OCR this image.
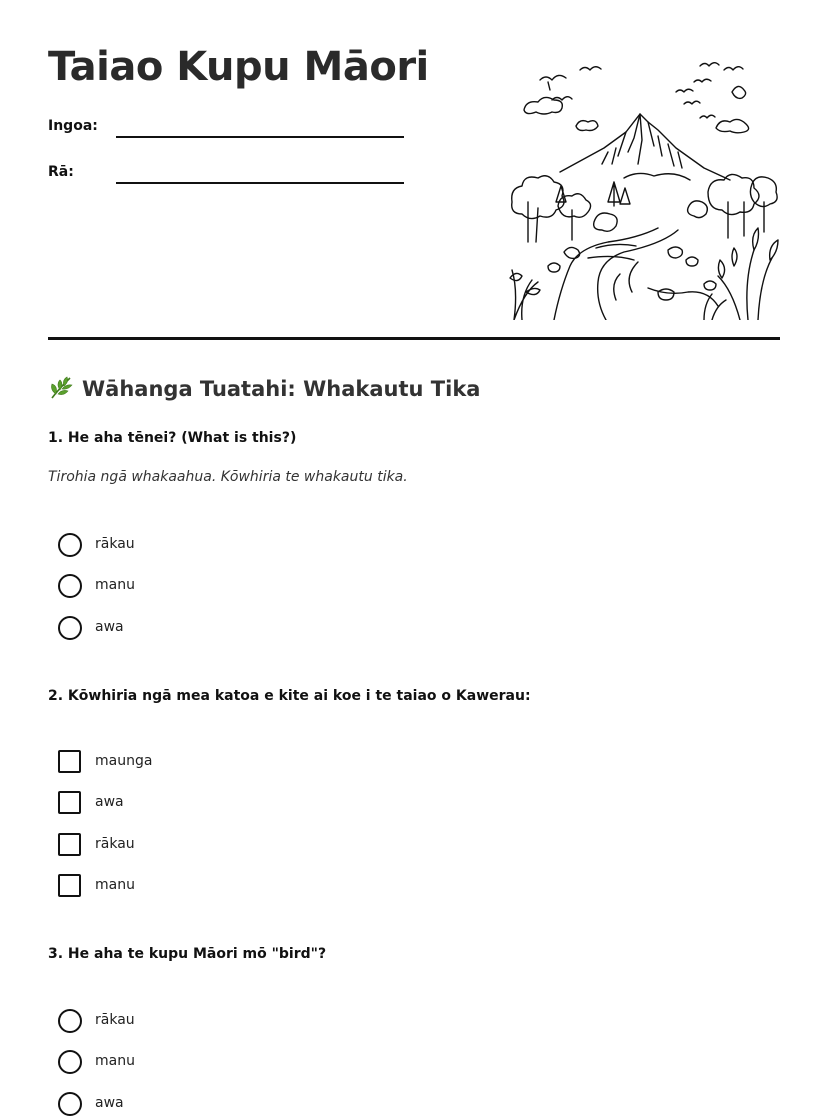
Taiao Kupu Māori
Ingoa:
Rā:
Wāhanga Tuatahi: Whakautu Tika
1. He aha tēnei? (What is this?)
Tirohia ngā whakaahua. Kōwhiria te whakautu tika.
rākau
manu
awa
2. Kōwhiria ngā mea katoa e kite ai koe i te taiao o Kawerau:
maunga
awa
rākau
manu
3. He aha te kupu Māori mō "bird"?
rākau
manu
awa
